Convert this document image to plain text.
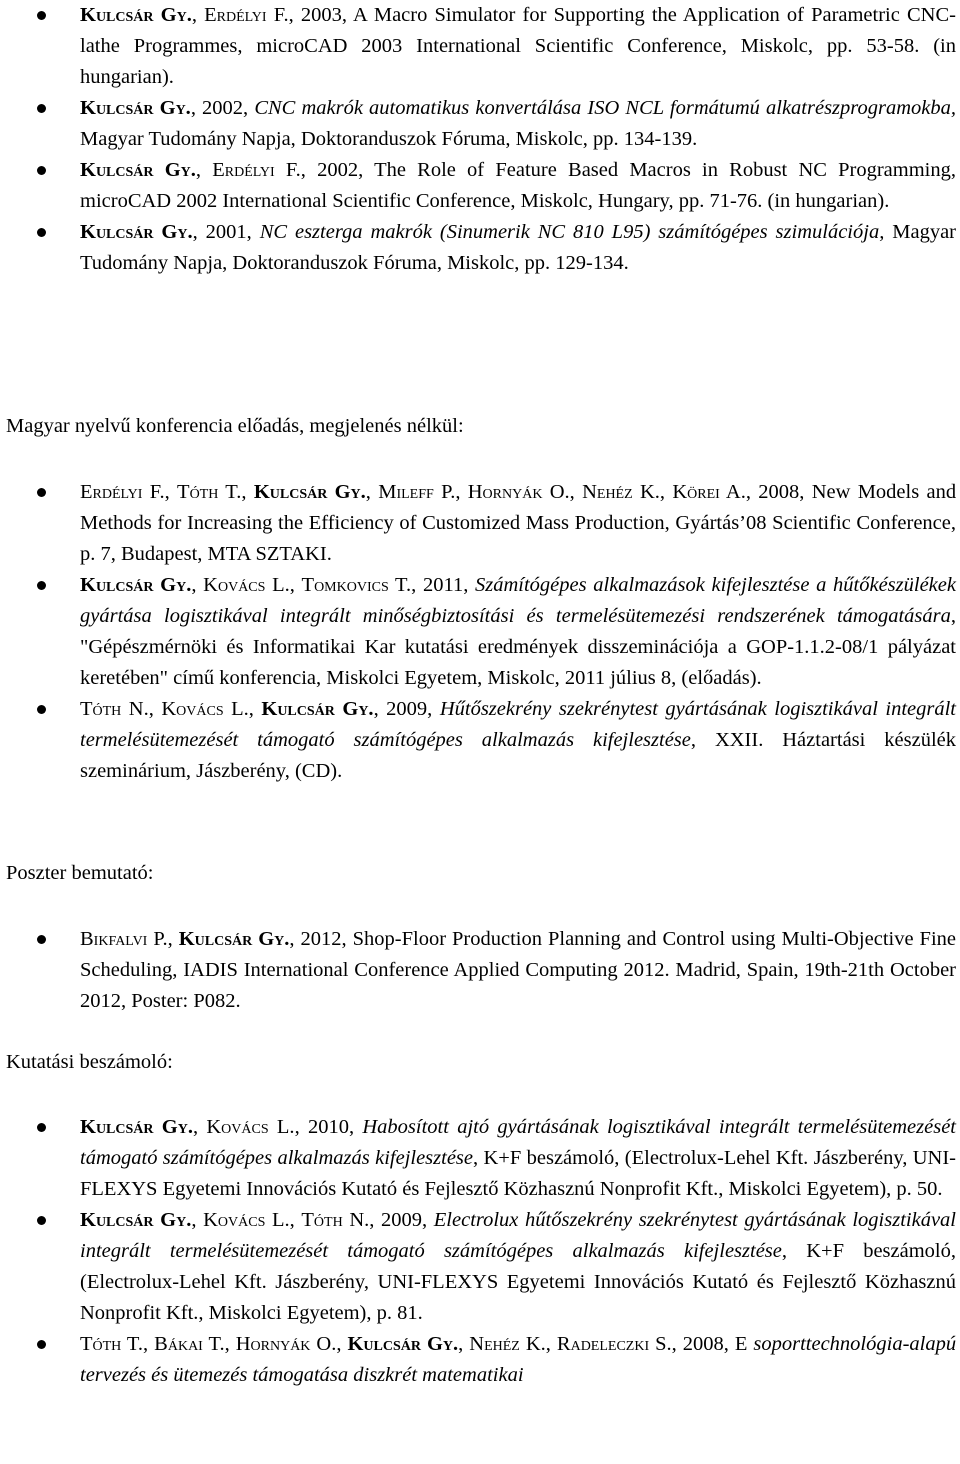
Kulcsár Gy., Erdélyi F., 2003, A Macro Simulator for Supporting the Application of Parametric CNC-lathe Programmes, microCAD 2003 International Scientific Conference, Miskolc, pp. 53-58. (in hungarian).
Kulcsár Gy., 2002, CNC makrók automatikus konvertálása ISO NCL formátumú alkatrészprogramokba, Magyar Tudomány Napja, Doktoranduszok Fóruma, Miskolc, pp. 134-139.
Kulcsár Gy., Erdélyi F., 2002, The Role of Feature Based Macros in Robust NC Programming, microCAD 2002 International Scientific Conference, Miskolc, Hungary, pp. 71-76. (in hungarian).
Kulcsár Gy., 2001, NC eszterga makrók (Sinumerik NC 810 L95) számítógépes szimulációja, Magyar Tudomány Napja, Doktoranduszok Fóruma, Miskolc, pp. 129-134.
Magyar nyelvű konferencia előadás, megjelenés nélkül:
Erdélyi F., Tóth T., Kulcsár Gy., Mileff P., Hornyák O., Nehéz K., Körei A., 2008, New Models and Methods for Increasing the Efficiency of Customized Mass Production, Gyártás’08 Scientific Conference, p. 7, Budapest, MTA SZTAKI.
Kulcsár Gy., Kovács L., Tomkovics T., 2011, Számítógépes alkalmazások kifejlesztése a hűtőkészülékek gyártása logisztikával integrált minőségbiztosítási és termelésütemezési rendszerének támogatására, "Gépészmérnöki és Informatikai Kar kutatási eredmények disszeminációja a GOP-1.1.2-08/1 pályázat keretében" című konferencia, Miskolci Egyetem, Miskolc, 2011 július 8, (előadás).
Tóth N., Kovács L., Kulcsár Gy., 2009, Hűtőszekrény szekrénytest gyártásának logisztikával integrált termelésütemezését támogató számítógépes alkalmazás kifejlesztése, XXII. Háztartási készülék szeminárium, Jászberény, (CD).
Poszter bemutató:
Bikfalvi P., Kulcsár Gy., 2012, Shop-Floor Production Planning and Control using Multi-Objective Fine Scheduling, IADIS International Conference Applied Computing 2012. Madrid, Spain, 19th-21th October 2012, Poster: P082.
Kutatási beszámoló:
Kulcsár Gy., Kovács L., 2010, Habosított ajtó gyártásának logisztikával integrált termelésütemezését támogató számítógépes alkalmazás kifejlesztése, K+F beszámoló, (Electrolux-Lehel Kft. Jászberény, UNI-FLEXYS Egyetemi Innovációs Kutató és Fejlesztő Közhasznú Nonprofit Kft., Miskolci Egyetem), p. 50.
Kulcsár Gy., Kovács L., Tóth N., 2009, Electrolux hűtőszekrény szekrénytest gyártásának logisztikával integrált termelésütemezését támogató számítógépes alkalmazás kifejlesztése, K+F beszámoló, (Electrolux-Lehel Kft. Jászberény, UNI-FLEXYS Egyetemi Innovációs Kutató és Fejlesztő Közhasznú Nonprofit Kft., Miskolci Egyetem), p. 81.
Tóth T., Bákai T., Hornyák O., Kulcsár Gy., Nehéz K., Radeleczki S., 2008, E soporttechnológia-alapú tervezés és ütemezés támogatása diszkrét matematikai
